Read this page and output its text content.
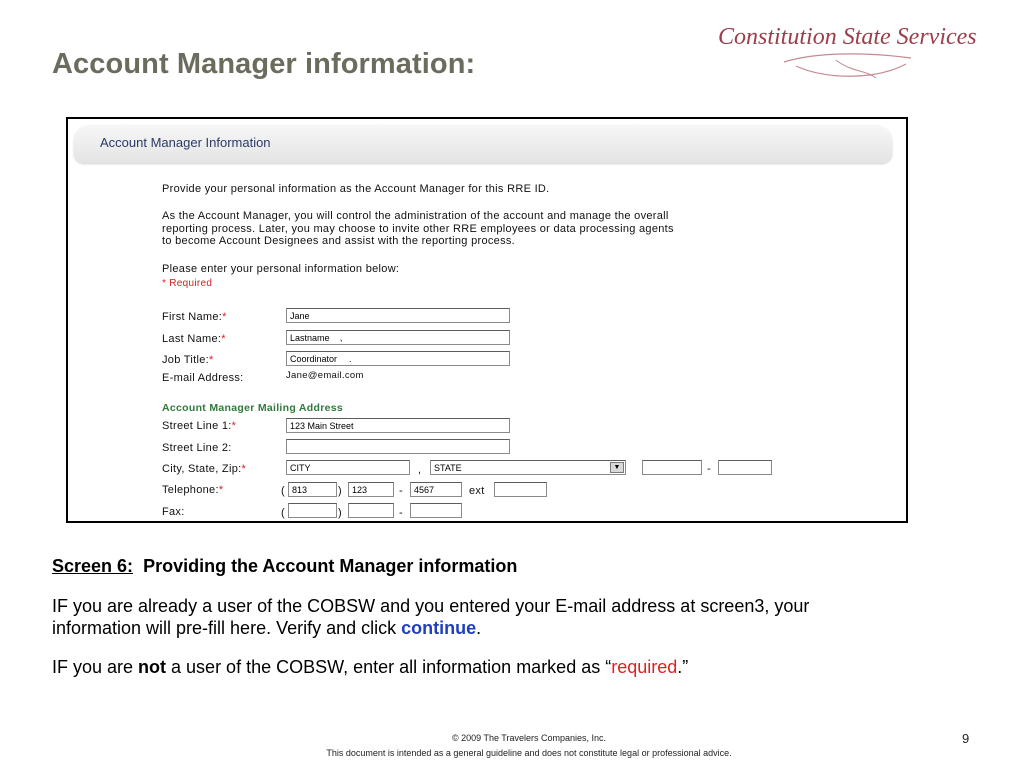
Account Manager information:
Constitution State Services
Account Manager Information
Provide your personal information as the Account Manager for this RRE ID.
As the Account Manager, you will control the administration of the account and manage the overall
reporting process. Later, you may choose to invite other RRE employees or data processing agents
to become Account Designees and assist with the reporting process.
Please enter your personal information below:
* Required
First Name:*	Jane
Last Name:*	Lastname 、
Job Title:*	Coordinator .
E-mail Address:	Jane@email.com
Account Manager Mailing Address
Street Line 1:*	123 Main Street
Street Line 2:
City, State, Zip:*	CITY	,	STATE	▼	-
Telephone:*	( 813	)	123	-	4567	ext
Fax:	(	)	-
Screen 6: Providing the Account Manager information
IF you are already a user of the COBSW and you entered your E-mail address at screen3, your
information will pre-fill here. Verify and click continue.
IF you are not a user of the COBSW, enter all information marked as “required.”
© 2009 The Travelers Companies, Inc.
This document is intended as a general guideline and does not constitute legal or professional advice.
9
